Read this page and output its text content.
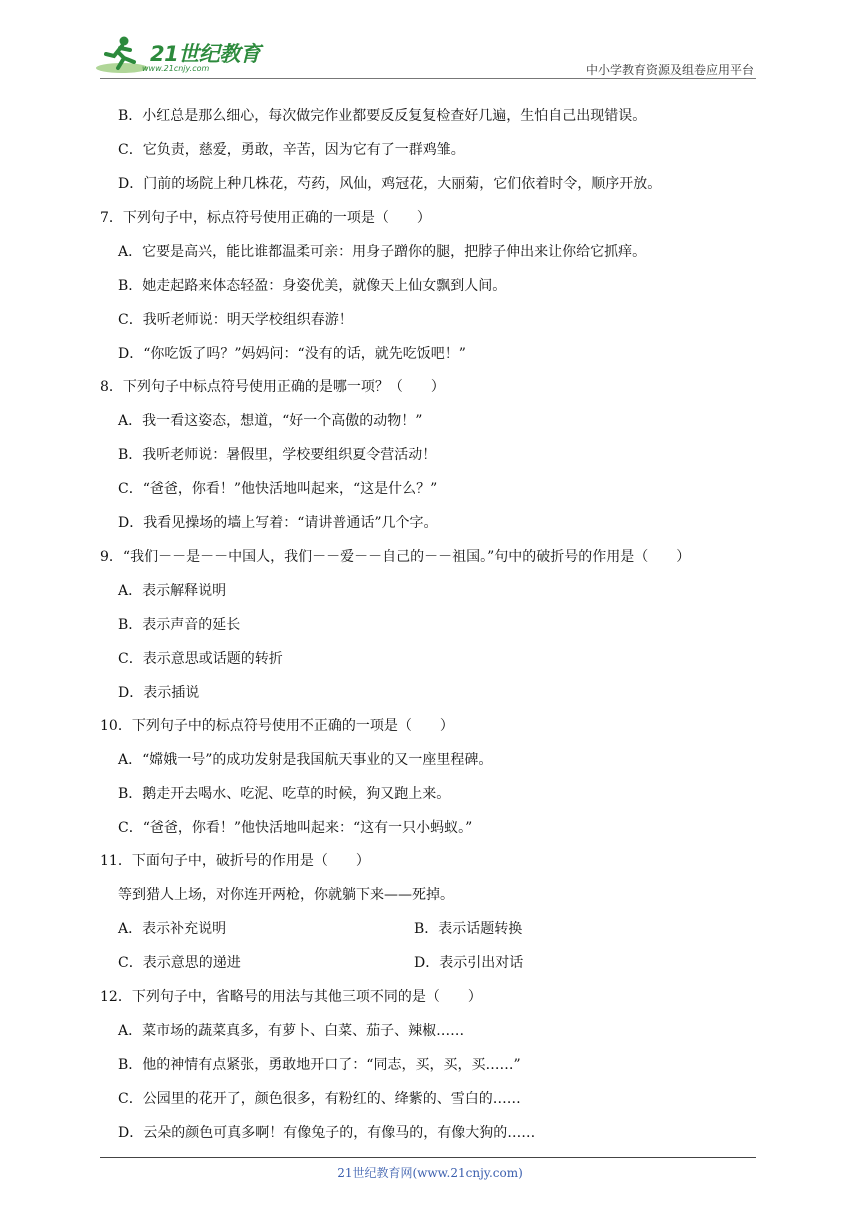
21世纪教育
www.21cnjy.com	中小学教育资源及组卷应用平台
B．小红总是那么细心，每次做完作业都要反反复复检查好几遍，生怕自己出现错误。
C．它负责，慈爱，勇敢，辛苦，因为它有了一群鸡雏。
D．门前的场院上种几株花，芍药，风仙，鸡冠花，大丽菊，它们依着时令，顺序开放。
7．下列句子中，标点符号使用正确的一项是（　　）
A．它要是高兴，能比谁都温柔可亲：用身子蹭你的腿，把脖子伸出来让你给它抓痒。
B．她走起路来体态轻盈：身姿优美，就像天上仙女飘到人间。
C．我听老师说：明天学校组织春游！
D．“你吃饭了吗？”妈妈问：“没有的话，就先吃饭吧！”
8．下列句子中标点符号使用正确的是哪一项？（　　）
A．我一看这姿态，想道，“好一个高傲的动物！”
B．我听老师说：暑假里，学校要组织夏令营活动！
C．“爸爸，你看！”他快活地叫起来，“这是什么？”
D．我看见操场的墙上写着：“请讲普通话”几个字。
9．“我们－－是－－中国人，我们－－爱－－自己的－－祖国。”句中的破折号的作用是（　　）
A．表示解释说明
B．表示声音的延长
C．表示意思或话题的转折
D．表示插说
10．下列句子中的标点符号使用不正确的一项是（　　）
A．“嫦娥一号”的成功发射是我国航天事业的又一座里程碑。
B．鹅走开去喝水、吃泥、吃草的时候，狗又跑上来。
C．“爸爸，你看！”他快活地叫起来：“这有一只小蚂蚁。”
11．下面句子中，破折号的作用是（　　）
等到猎人上场，对你连开两枪，你就躺下来——死掉。
A．表示补充说明	B．表示话题转换
C．表示意思的递进	D．表示引出对话
12．下列句子中，省略号的用法与其他三项不同的是（　　）
A．菜市场的蔬菜真多，有萝卜、白菜、茄子、辣椒……
B．他的神情有点紧张，勇敢地开口了：“同志，买，买，买……”
C．公园里的花开了，颜色很多，有粉红的、绛紫的、雪白的……
D．云朵的颜色可真多啊！有像兔子的，有像马的，有像大狗的……
21世纪教育网(www.21cnjy.com)
